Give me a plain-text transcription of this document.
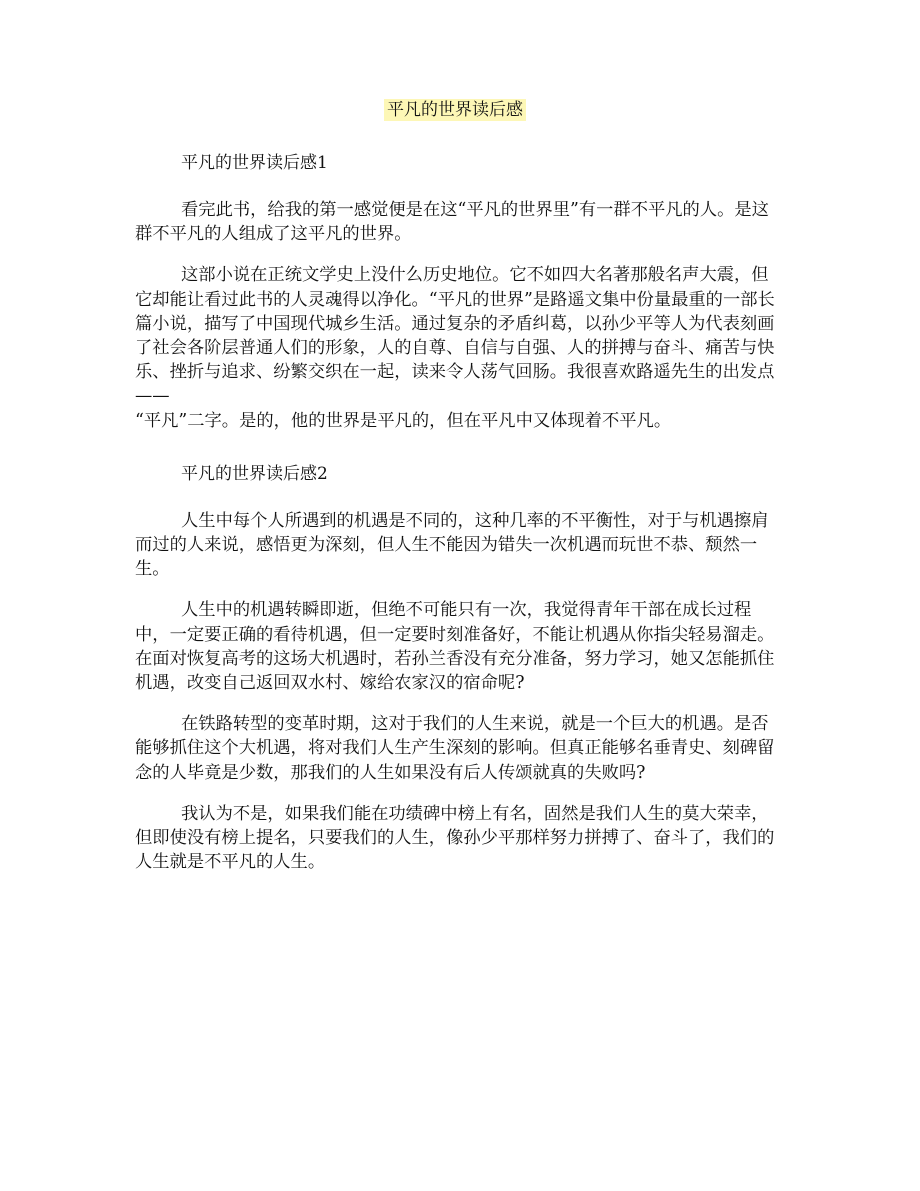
平凡的世界读后感
平凡的世界读后感1

看完此书，给我的第一感觉便是在这“平凡的世界里”有一群不平凡的人。是这群不平凡的人组成了这平凡的世界。

这部小说在正统文学史上没什么历史地位。它不如四大名著那般名声大震，但它却能让看过此书的人灵魂得以净化。“平凡的世界”是路遥文集中份量最重的一部长篇小说，描写了中国现代城乡生活。通过复杂的矛盾纠葛，以孙少平等人为代表刻画了社会各阶层普通人们的形象，人的自尊、自信与自强、人的拼搏与奋斗、痛苦与快乐、挫折与追求、纷繁交织在一起，读来令人荡气回肠。我很喜欢路遥先生的出发点——
“平凡”二字。是的，他的世界是平凡的，但在平凡中又体现着不平凡。

平凡的世界读后感2

人生中每个人所遇到的机遇是不同的，这种几率的不平衡性，对于与机遇擦肩而过的人来说，感悟更为深刻，但人生不能因为错失一次机遇而玩世不恭、颓然一生。

人生中的机遇转瞬即逝，但绝不可能只有一次，我觉得青年干部在成长过程中，一定要正确的看待机遇，但一定要时刻准备好，不能让机遇从你指尖轻易溜走。在面对恢复高考的这场大机遇时，若孙兰香没有充分准备，努力学习，她又怎能抓住机遇，改变自己返回双水村、嫁给农家汉的宿命呢?

在铁路转型的变革时期，这对于我们的人生来说，就是一个巨大的机遇。是否能够抓住这个大机遇，将对我们人生产生深刻的影响。但真正能够名垂青史、刻碑留念的人毕竟是少数，那我们的人生如果没有后人传颂就真的失败吗?

我认为不是，如果我们能在功绩碑中榜上有名，固然是我们人生的莫大荣幸，但即使没有榜上提名，只要我们的人生，像孙少平那样努力拼搏了、奋斗了，我们的人生就是不平凡的人生。
